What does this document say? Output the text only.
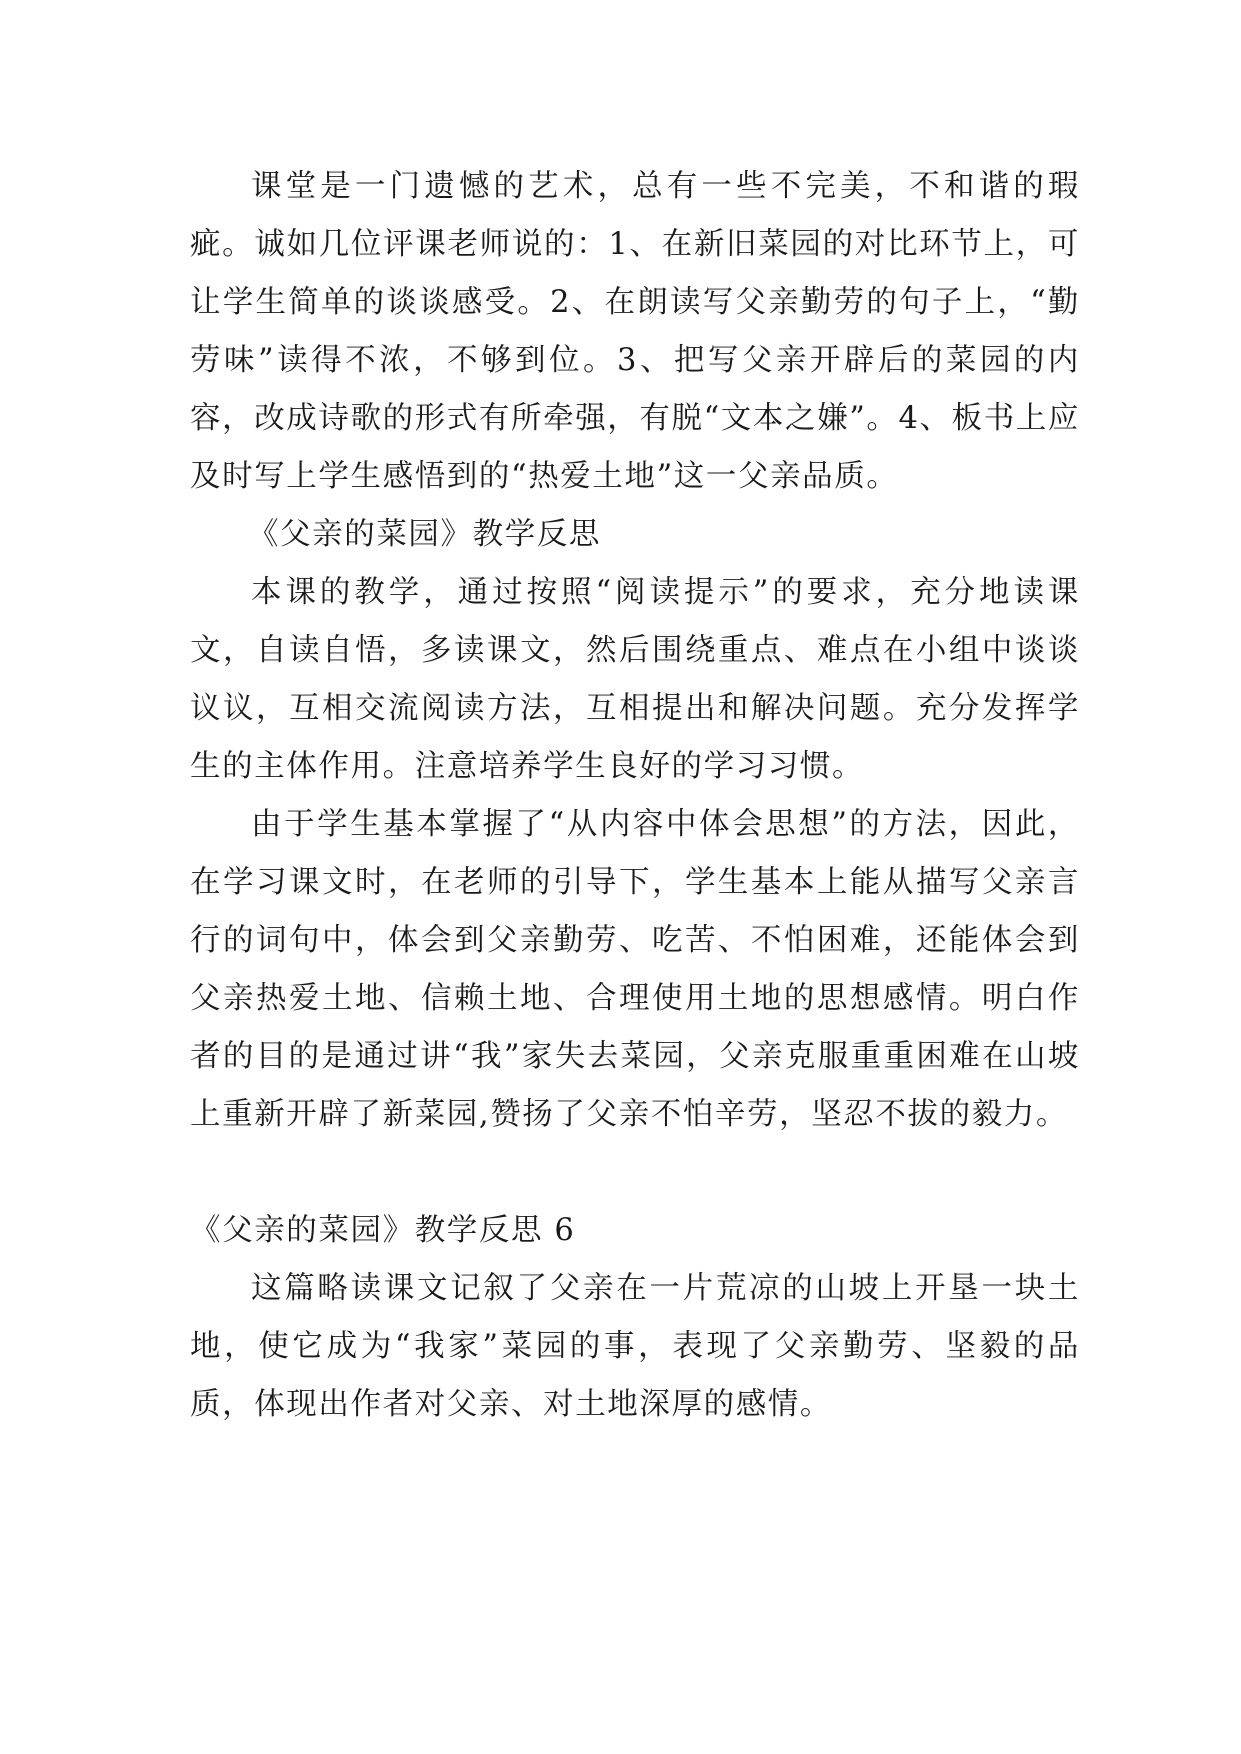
课堂是一门遗憾的艺术，总有一些不完美，不和谐的瑕疵。诚如几位评课老师说的：1、在新旧菜园的对比环节上，可让学生简单的谈谈感受。2、在朗读写父亲勤劳的句子上，“勤劳味”读得不浓，不够到位。3、把写父亲开辟后的菜园的内容，改成诗歌的形式有所牵强，有脱“文本之嫌”。4、板书上应及时写上学生感悟到的“热爱土地”这一父亲品质。

《父亲的菜园》教学反思

本课的教学，通过按照“阅读提示”的要求，充分地读课文，自读自悟，多读课文，然后围绕重点、难点在小组中谈谈议议，互相交流阅读方法，互相提出和解决问题。充分发挥学生的主体作用。注意培养学生良好的学习习惯。

由于学生基本掌握了“从内容中体会思想”的方法，因此，在学习课文时，在老师的引导下，学生基本上能从描写父亲言行的词句中，体会到父亲勤劳、吃苦、不怕困难，还能体会到父亲热爱土地、信赖土地、合理使用土地的思想感情。明白作者的目的是通过讲“我”家失去菜园，父亲克服重重困难在山坡上重新开辟了新菜园,赞扬了父亲不怕辛劳，坚忍不拔的毅力。

《父亲的菜园》教学反思 6

这篇略读课文记叙了父亲在一片荒凉的山坡上开垦一块土地，使它成为“我家”菜园的事，表现了父亲勤劳、坚毅的品质，体现出作者对父亲、对土地深厚的感情。
